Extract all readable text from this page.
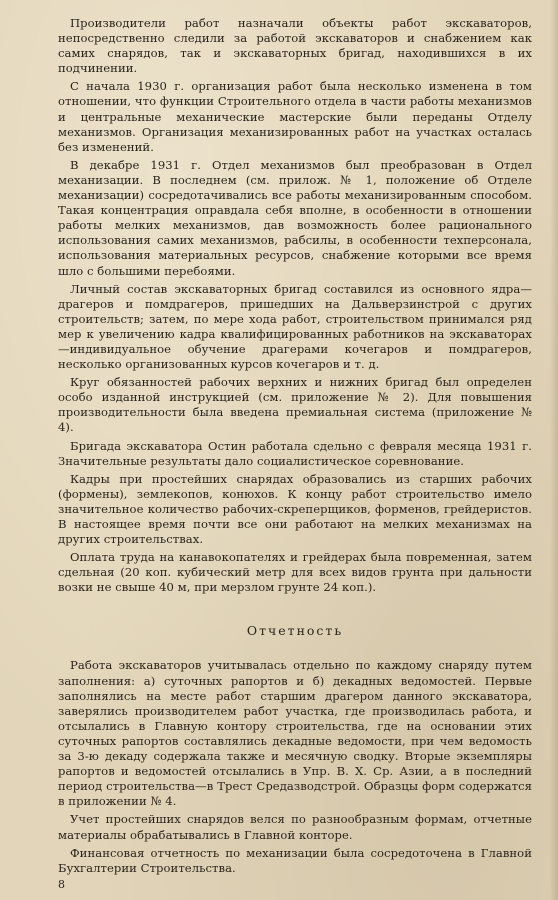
Производители работ назначали объекты работ экскаваторов, непосредственно следили за работой экскаваторов и снабжением как самих снарядов, так и экскаваторных бригад, находившихся в их подчинении.

С начала 1930 г. организация работ была несколько изменена в том отношении, что функции Строительного отдела в части работы механизмов и центральные механические мастерские были переданы Отделу механизмов. Организация механизированных работ на участках осталась без изменений.

В декабре 1931 г. Отдел механизмов был преобразован в Отдел механизации. В последнем (см. прилож. № 1, положение об Отделе механизации) сосредотачивались все работы механизированным способом. Такая концентрация оправдала себя вполне, в особенности в отношении работы мелких механизмов, дав возможность более рационального использования самих механизмов, рабсилы, в особенности техперсонала, использования материальных ресурсов, снабжение которыми все время шло с большими перебоями.

Личный состав экскаваторных бригад составился из основного ядра—драгеров и помдрагеров, пришедших на Дальверзинстрой с других строительств; затем, по мере хода работ, строительством принимался ряд мер к увеличению кадра квалифицированных работников на экскаваторах—индивидуальное обучение драгерами кочегаров и помдрагеров, несколько организованных курсов кочегаров и т. д.

Круг обязанностей рабочих верхних и нижних бригад был определен особо изданной инструкцией (см. приложение № 2). Для повышения производительности была введена премиальная система (приложение № 4).

Бригада экскаватора Остин работала сдельно с февраля месяца 1931 г. Значительные результаты дало социалистическое соревнование.

Кадры при простейших снарядах образовались из старших рабочих (формены), землекопов, конюхов. К концу работ строительство имело значительное количество рабочих-скреперщиков, форменов, грейдеристов. В настоящее время почти все они работают на мелких механизмах на других строительствах.

Оплата труда на канавокопателях и грейдерах была повременная, затем сдельная (20 коп. кубический метр для всех видов грунта при дальности возки не свыше 40 м, при мерзлом грунте 24 коп.).

Отчетность

Работа экскаваторов учитывалась отдельно по каждому снаряду путем заполнения: а) суточных рапортов и б) декадных ведомостей. Первые заполнялись на месте работ старшим драгером данного экскаватора, заверялись производителем работ участка, где производилась работа, и отсылались в Главную контору строительства, где на основании этих суточных рапортов составлялись декадные ведомости, при чем ведомость за 3-ю декаду содержала также и месячную сводку. Вторые экземпляры рапортов и ведомостей отсылались в Упр. В. X. Ср. Азии, а в последний период строительства—в Трест Средазводстрой. Образцы форм содержатся в приложении № 4.

Учет простейших снарядов велся по разнообразным формам, отчетные материалы обрабатывались в Главной конторе.

Финансовая отчетность по механизации была сосредоточена в Главной Бухгалтерии Строительства.

8
